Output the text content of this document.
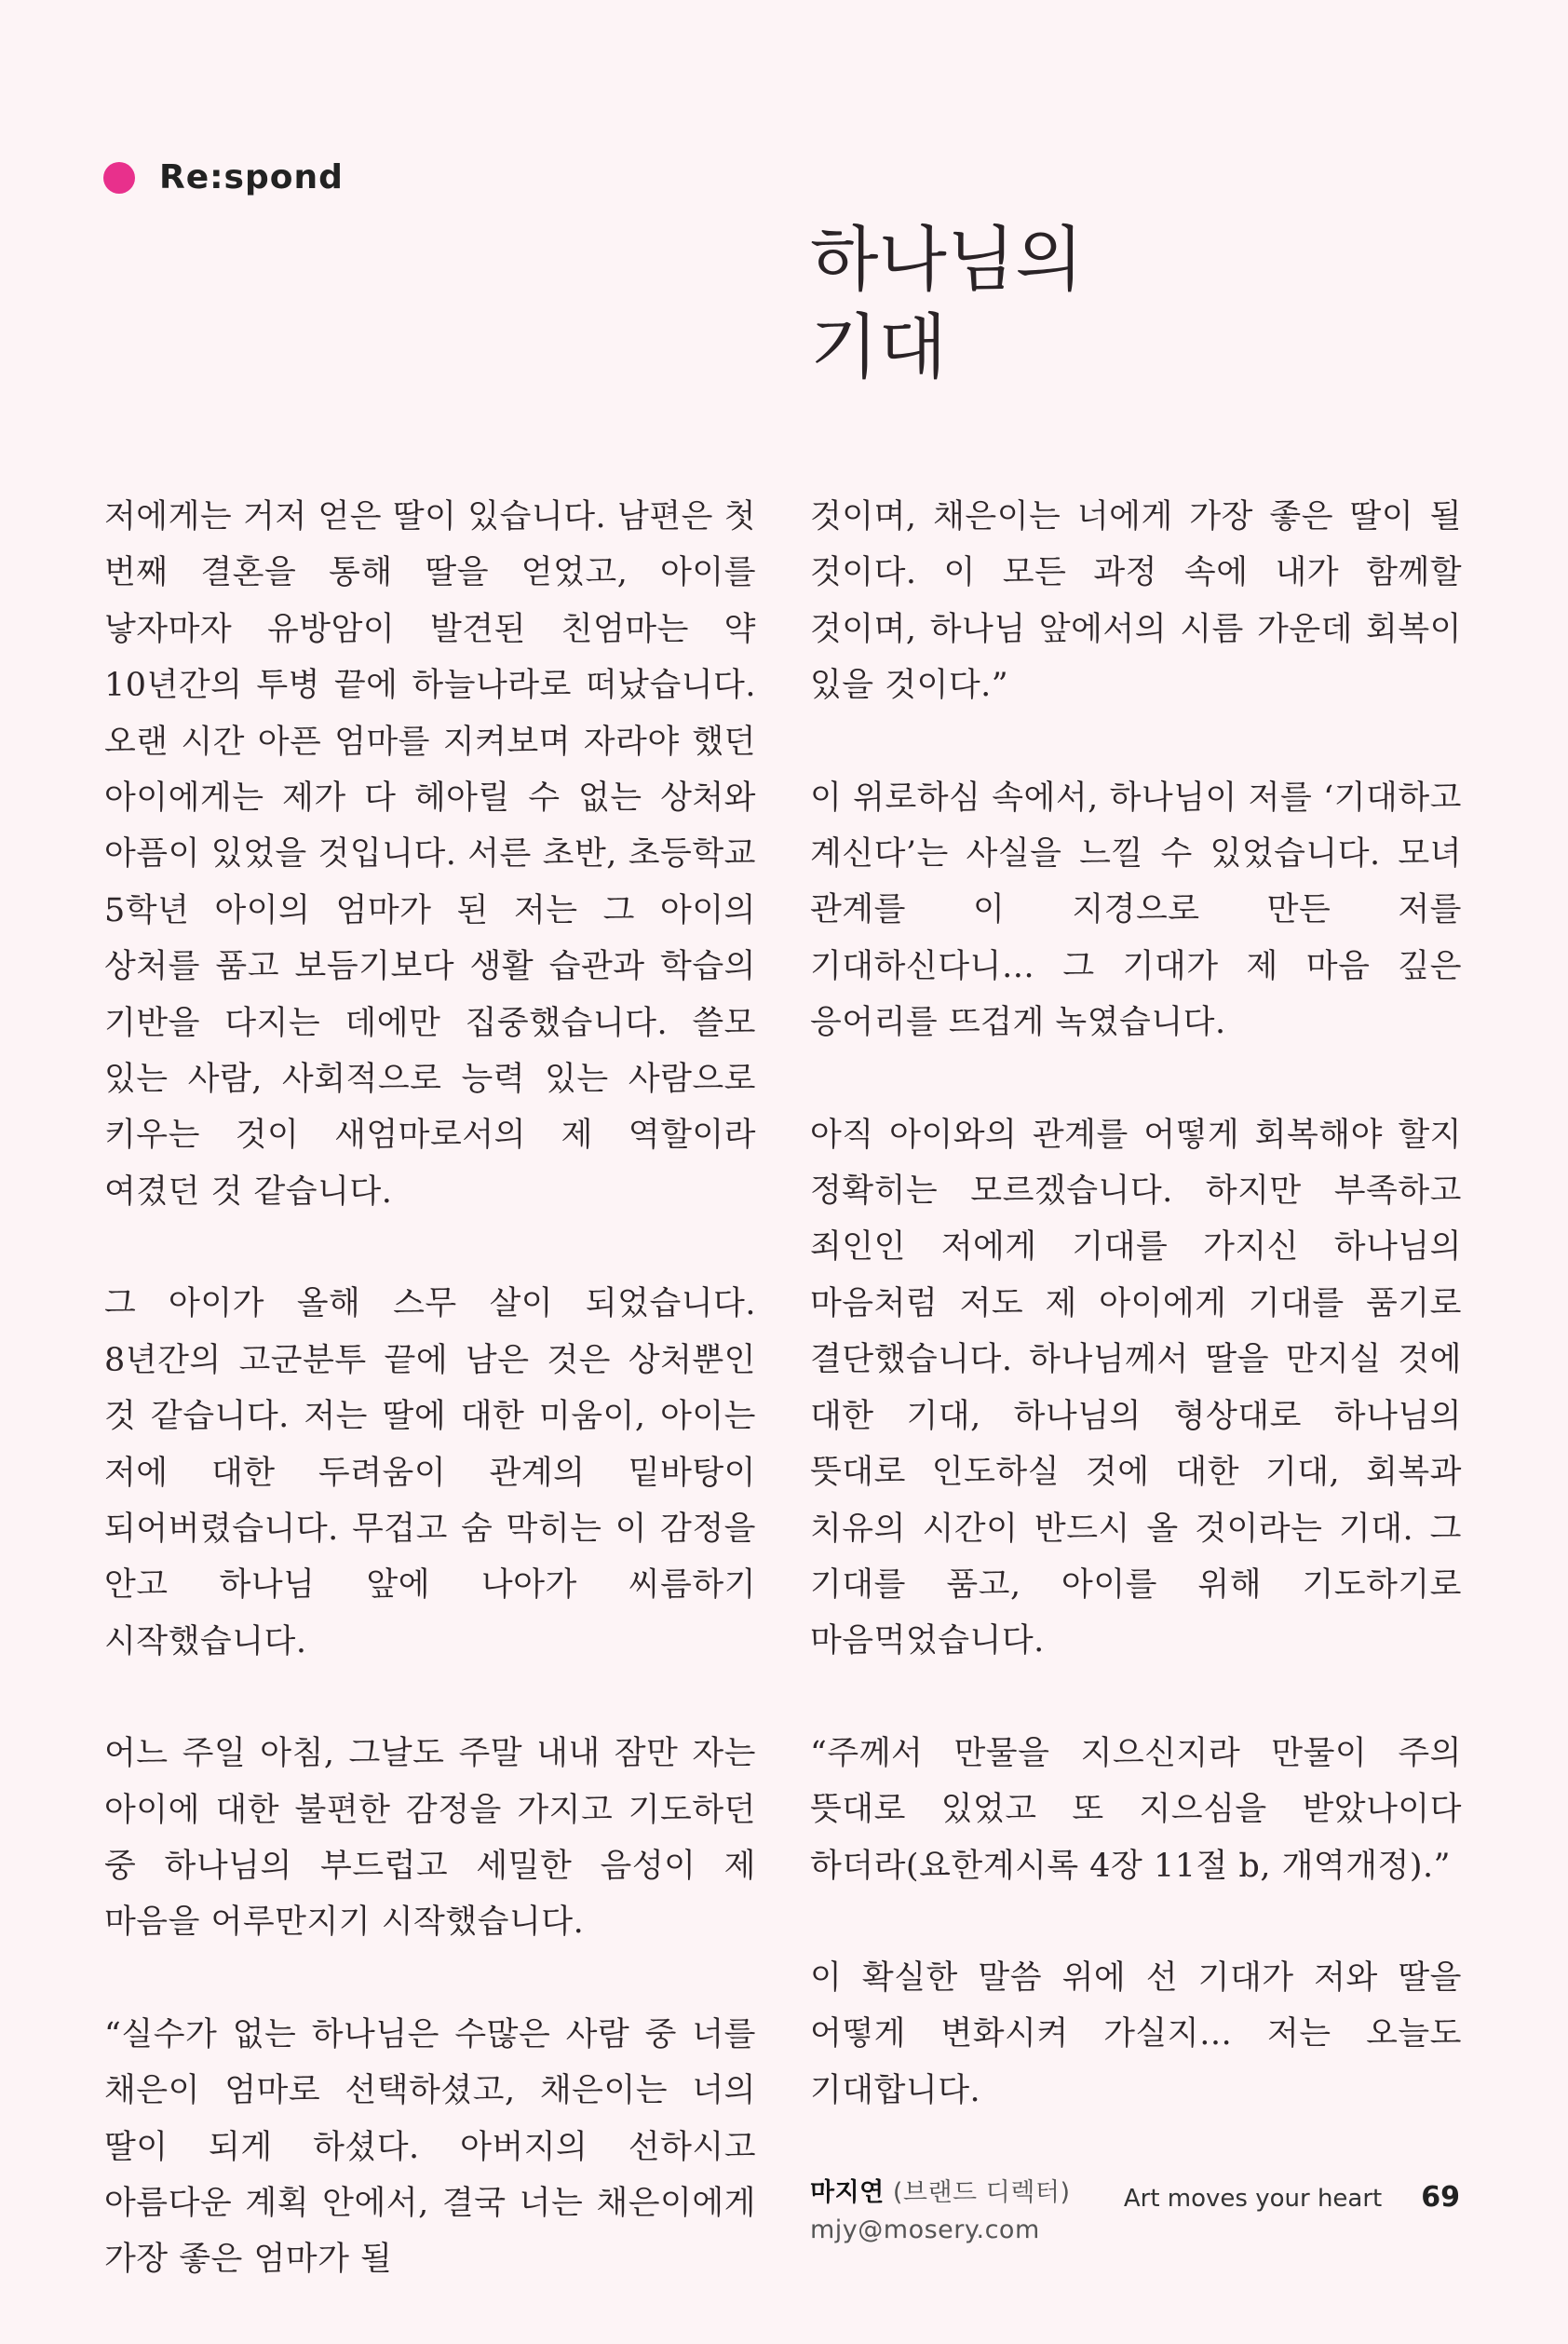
Re:spond
하나님의
기대

저에게는 거저 얻은 딸이 있습니다. 남편은 첫 번째 결혼을 통해 딸을 얻었고, 아이를 낳자마자 유방암이 발견된 친엄마는 약 10년간의 투병 끝에 하늘나라로 떠났습니다. 오랜 시간 아픈 엄마를 지켜보며 자라야 했던 아이에게는 제가 다 헤아릴 수 없는 상처와 아픔이 있었을 것입니다. 서른 초반, 초등학교 5학년 아이의 엄마가 된 저는 그 아이의 상처를 품고 보듬기보다 생활 습관과 학습의 기반을 다지는 데에만 집중했습니다. 쓸모 있는 사람, 사회적으로 능력 있는 사람으로 키우는 것이 새엄마로서의 제 역할이라 여겼던 것 같습니다.

그 아이가 올해 스무 살이 되었습니다. 8년간의 고군분투 끝에 남은 것은 상처뿐인 것 같습니다. 저는 딸에 대한 미움이, 아이는 저에 대한 두려움이 관계의 밑바탕이 되어버렸습니다. 무겁고 숨 막히는 이 감정을 안고 하나님 앞에 나아가 씨름하기 시작했습니다.

어느 주일 아침, 그날도 주말 내내 잠만 자는 아이에 대한 불편한 감정을 가지고 기도하던 중 하나님의 부드럽고 세밀한 음성이 제 마음을 어루만지기 시작했습니다.

“실수가 없는 하나님은 수많은 사람 중 너를 채은이 엄마로 선택하셨고, 채은이는 너의 딸이 되게 하셨다. 아버지의 선하시고 아름다운 계획 안에서, 결국 너는 채은이에게 가장 좋은 엄마가 될

것이며, 채은이는 너에게 가장 좋은 딸이 될 것이다. 이 모든 과정 속에 내가 함께할 것이며, 하나님 앞에서의 시름 가운데 회복이 있을 것이다.”

이 위로하심 속에서, 하나님이 저를 ‘기대하고 계신다’는 사실을 느낄 수 있었습니다. 모녀 관계를 이 지경으로 만든 저를 기대하신다니… 그 기대가 제 마음 깊은 응어리를 뜨겁게 녹였습니다.

아직 아이와의 관계를 어떻게 회복해야 할지 정확히는 모르겠습니다. 하지만 부족하고 죄인인 저에게 기대를 가지신 하나님의 마음처럼 저도 제 아이에게 기대를 품기로 결단했습니다. 하나님께서 딸을 만지실 것에 대한 기대, 하나님의 형상대로 하나님의 뜻대로 인도하실 것에 대한 기대, 회복과 치유의 시간이 반드시 올 것이라는 기대. 그 기대를 품고, 아이를 위해 기도하기로 마음먹었습니다.

“주께서 만물을 지으신지라 만물이 주의 뜻대로 있었고 또 지으심을 받았나이다 하더라(요한계시록 4장 11절 b, 개역개정).”

이 확실한 말씀 위에 선 기대가 저와 딸을 어떻게 변화시켜 가실지… 저는 오늘도 기대합니다.

마지연 (브랜드 디렉터)
mjy@mosery.com
Art moves your heart 69
